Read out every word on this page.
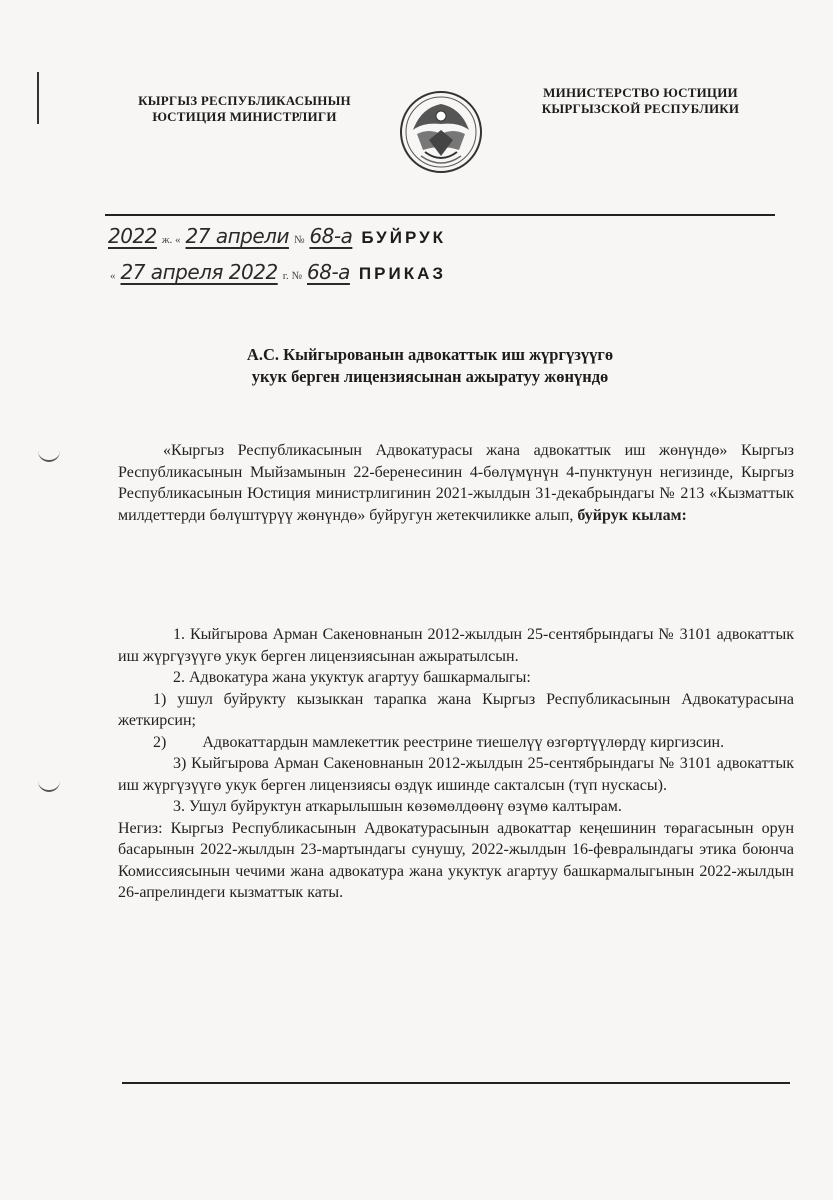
КЫРГЫЗ РЕСПУБЛИКАСЫНЫН
ЮСТИЦИЯ МИНИСТРЛИГИ
МИНИСТЕРСТВО ЮСТИЦИИ
КЫРГЫЗСКОЙ РЕСПУБЛИКИ
2022 ж. « 27 апрели № 68-а БУЙРУК
« 27 апреля 2022 г. № 68-а ПРИКАЗ
А.С. Кыйгырованын адвокаттык иш жүргүзүүгө
укук берген лицензиясынан ажыратуу жөнүндө
«Кыргыз Республикасынын Адвокатурасы жана адвокаттык иш жөнүндө» Кыргыз Республикасынын Мыйзамынын 22-беренесинин 4-бөлүмүнүн 4-пунктунун негизинде, Кыргыз Республикасынын Юстиция министрлигинин 2021-жылдын 31-декабрындагы № 213 «Кызматтык милдеттерди бөлүштүрүү жөнүндө» буйругун жетекчиликке алып, буйрук кылам:

1. Кыйгырова Арман Сакеновнанын 2012-жылдын 25-сентябрындагы № 3101 адвокаттык иш жүргүзүүгө укук берген лицензиясынан ажыратылсын.

2. Адвокатура жана укуктук агартуу башкармалыгы:

1) ушул буйрукту кызыккан тарапка жана Кыргыз Республикасынын Адвокатурасына жеткирсин;

2) Адвокаттардын мамлекеттик реестрине тиешелүү өзгөртүүлөрдү киргизсин.

3) Кыйгырова Арман Сакеновнанын 2012-жылдын 25-сентябрындагы № 3101 адвокаттык иш жүргүзүүгө укук берген лицензиясы өздүк ишинде сакталсын (түп нускасы).

3. Ушул буйруктун аткарылышын көзөмөлдөөнү өзүмө калтырам.

Негиз: Кыргыз Республикасынын Адвокатурасынын адвокаттар кеңешинин төрагасынын орун басарынын 2022-жылдын 23-мартындагы сунушу, 2022-жылдын 16-февралындагы этика боюнча Комиссиясынын чечими жана адвокатура жана укуктук агартуу башкармалыгынын 2022-жылдын 26-апрелиндеги кызматтык каты.
